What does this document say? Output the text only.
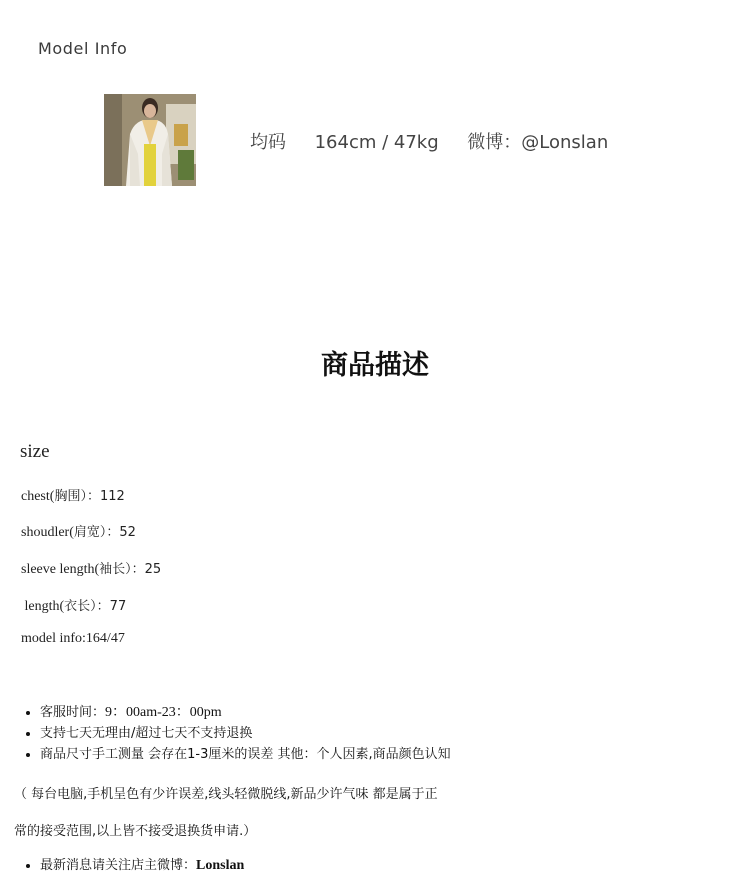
Model Info
均码 164cm / 47kg 微博：@Lonslan
商品描述
size
chest(胸围）：112
shoudler(肩宽）：52
sleeve length(袖长）：25
length(衣长）：77
model info:164/47
• 客服时间：9：00am-23：00pm
• 支持七天无理由/超过七天不支持退换
• 商品尺寸手工测量 会存在1-3厘米的误差 其他：个人因素,商品颜色认知
（ 每台电脑,手机呈色有少许误差,线头轻微脱线,新品少许气味 都是属于正
常的接受范围,以上皆不接受退换货申请.）
• 最新消息请关注店主微博：Lonslan
